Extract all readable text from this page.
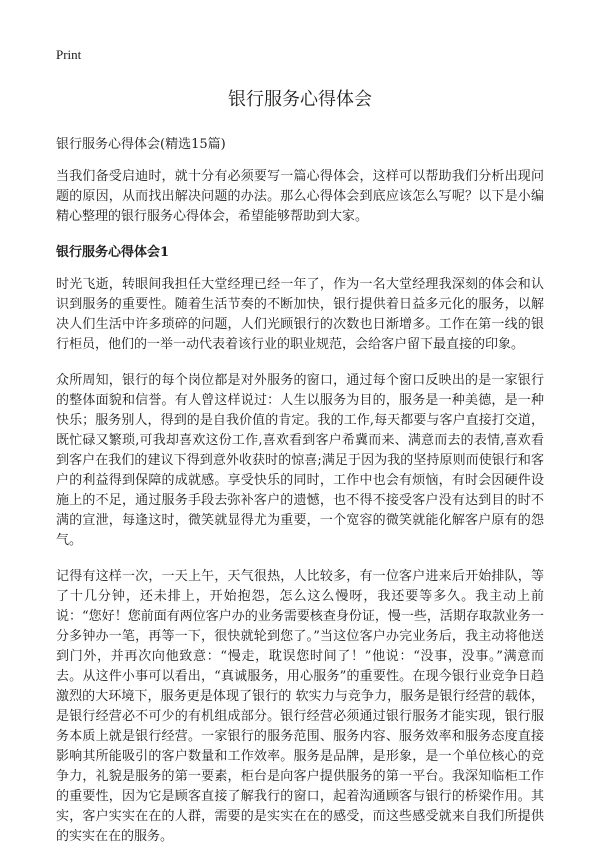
Print
银行服务心得体会

银行服务心得体会(精选15篇)

当我们备受启迪时，就十分有必须要写一篇心得体会，这样可以帮助我们分析出现问题的原因，从而找出解决问题的办法。那么心得体会到底应该怎么写呢？以下是小编精心整理的银行服务心得体会，希望能够帮助到大家。

银行服务心得体会1

时光飞逝，转眼间我担任大堂经理已经一年了，作为一名大堂经理我深刻的体会和认识到服务的重要性。随着生活节奏的不断加快，银行提供着日益多元化的服务，以解决人们生活中许多琐碎的问题，人们光顾银行的次数也日渐增多。工作在第一线的银行柜员，他们的一举一动代表着该行业的职业规范，会给客户留下最直接的印象。

众所周知，银行的每个岗位都是对外服务的窗口，通过每个窗口反映出的是一家银行的整体面貌和信誉。有人曾这样说过：人生以服务为目的，服务是一种美德，是一种快乐；服务别人，得到的是自我价值的肯定。我的工作,每天都要与客户直接打交道，既忙碌又繁琐,可我却喜欢这份工作,喜欢看到客户希冀而来、满意而去的表情,喜欢看到客户在我们的建议下得到意外收获时的惊喜;满足于因为我的坚持原则而使银行和客户的利益得到保障的成就感。享受快乐的同时，工作中也会有烦恼，有时会因硬件设施上的不足，通过服务手段去弥补客户的遗憾，也不得不接受客户没有达到目的时不满的宣泄，每逢这时，微笑就显得尤为重要，一个宽容的微笑就能化解客户原有的怨气。

记得有这样一次，一天上午，天气很热，人比较多，有一位客户进来后开始排队，等了十几分钟，还未排上，开始抱怨，怎么这么慢呀，我还要等多久。我主动上前说：“您好！您前面有两位客户办的业务需要核查身份证，慢一些，活期存取款业务一分多钟办一笔，再等一下，很快就轮到您了。”当这位客户办完业务后，我主动将他送到门外，并再次向他致意：“慢走，耽误您时间了！”他说：“没事，没事。”满意而去。从这件小事可以看出，“真诚服务，用心服务”的重要性。在现今银行业竞争日趋激烈的大环境下，服务更是体现了银行的 软实力与竞争力，服务是银行经营的载体，是银行经营必不可少的有机组成部分。银行经营必须通过银行服务才能实现，银行服务本质上就是银行经营。一家银行的服务范围、服务内容、服务效率和服务态度直接影响其所能吸引的客户数量和工作效率。服务是品牌，是形象，是一个单位核心的竞争力，礼貌是服务的第一要素，柜台是向客户提供服务的第一平台。我深知临柜工作的重要性，因为它是顾客直接了解我行的窗口，起着沟通顾客与银行的桥梁作用。其实，客户实实在在的人群，需要的是实实在在的感受，而这些感受就来自我们所提供的实实在在的服务。
